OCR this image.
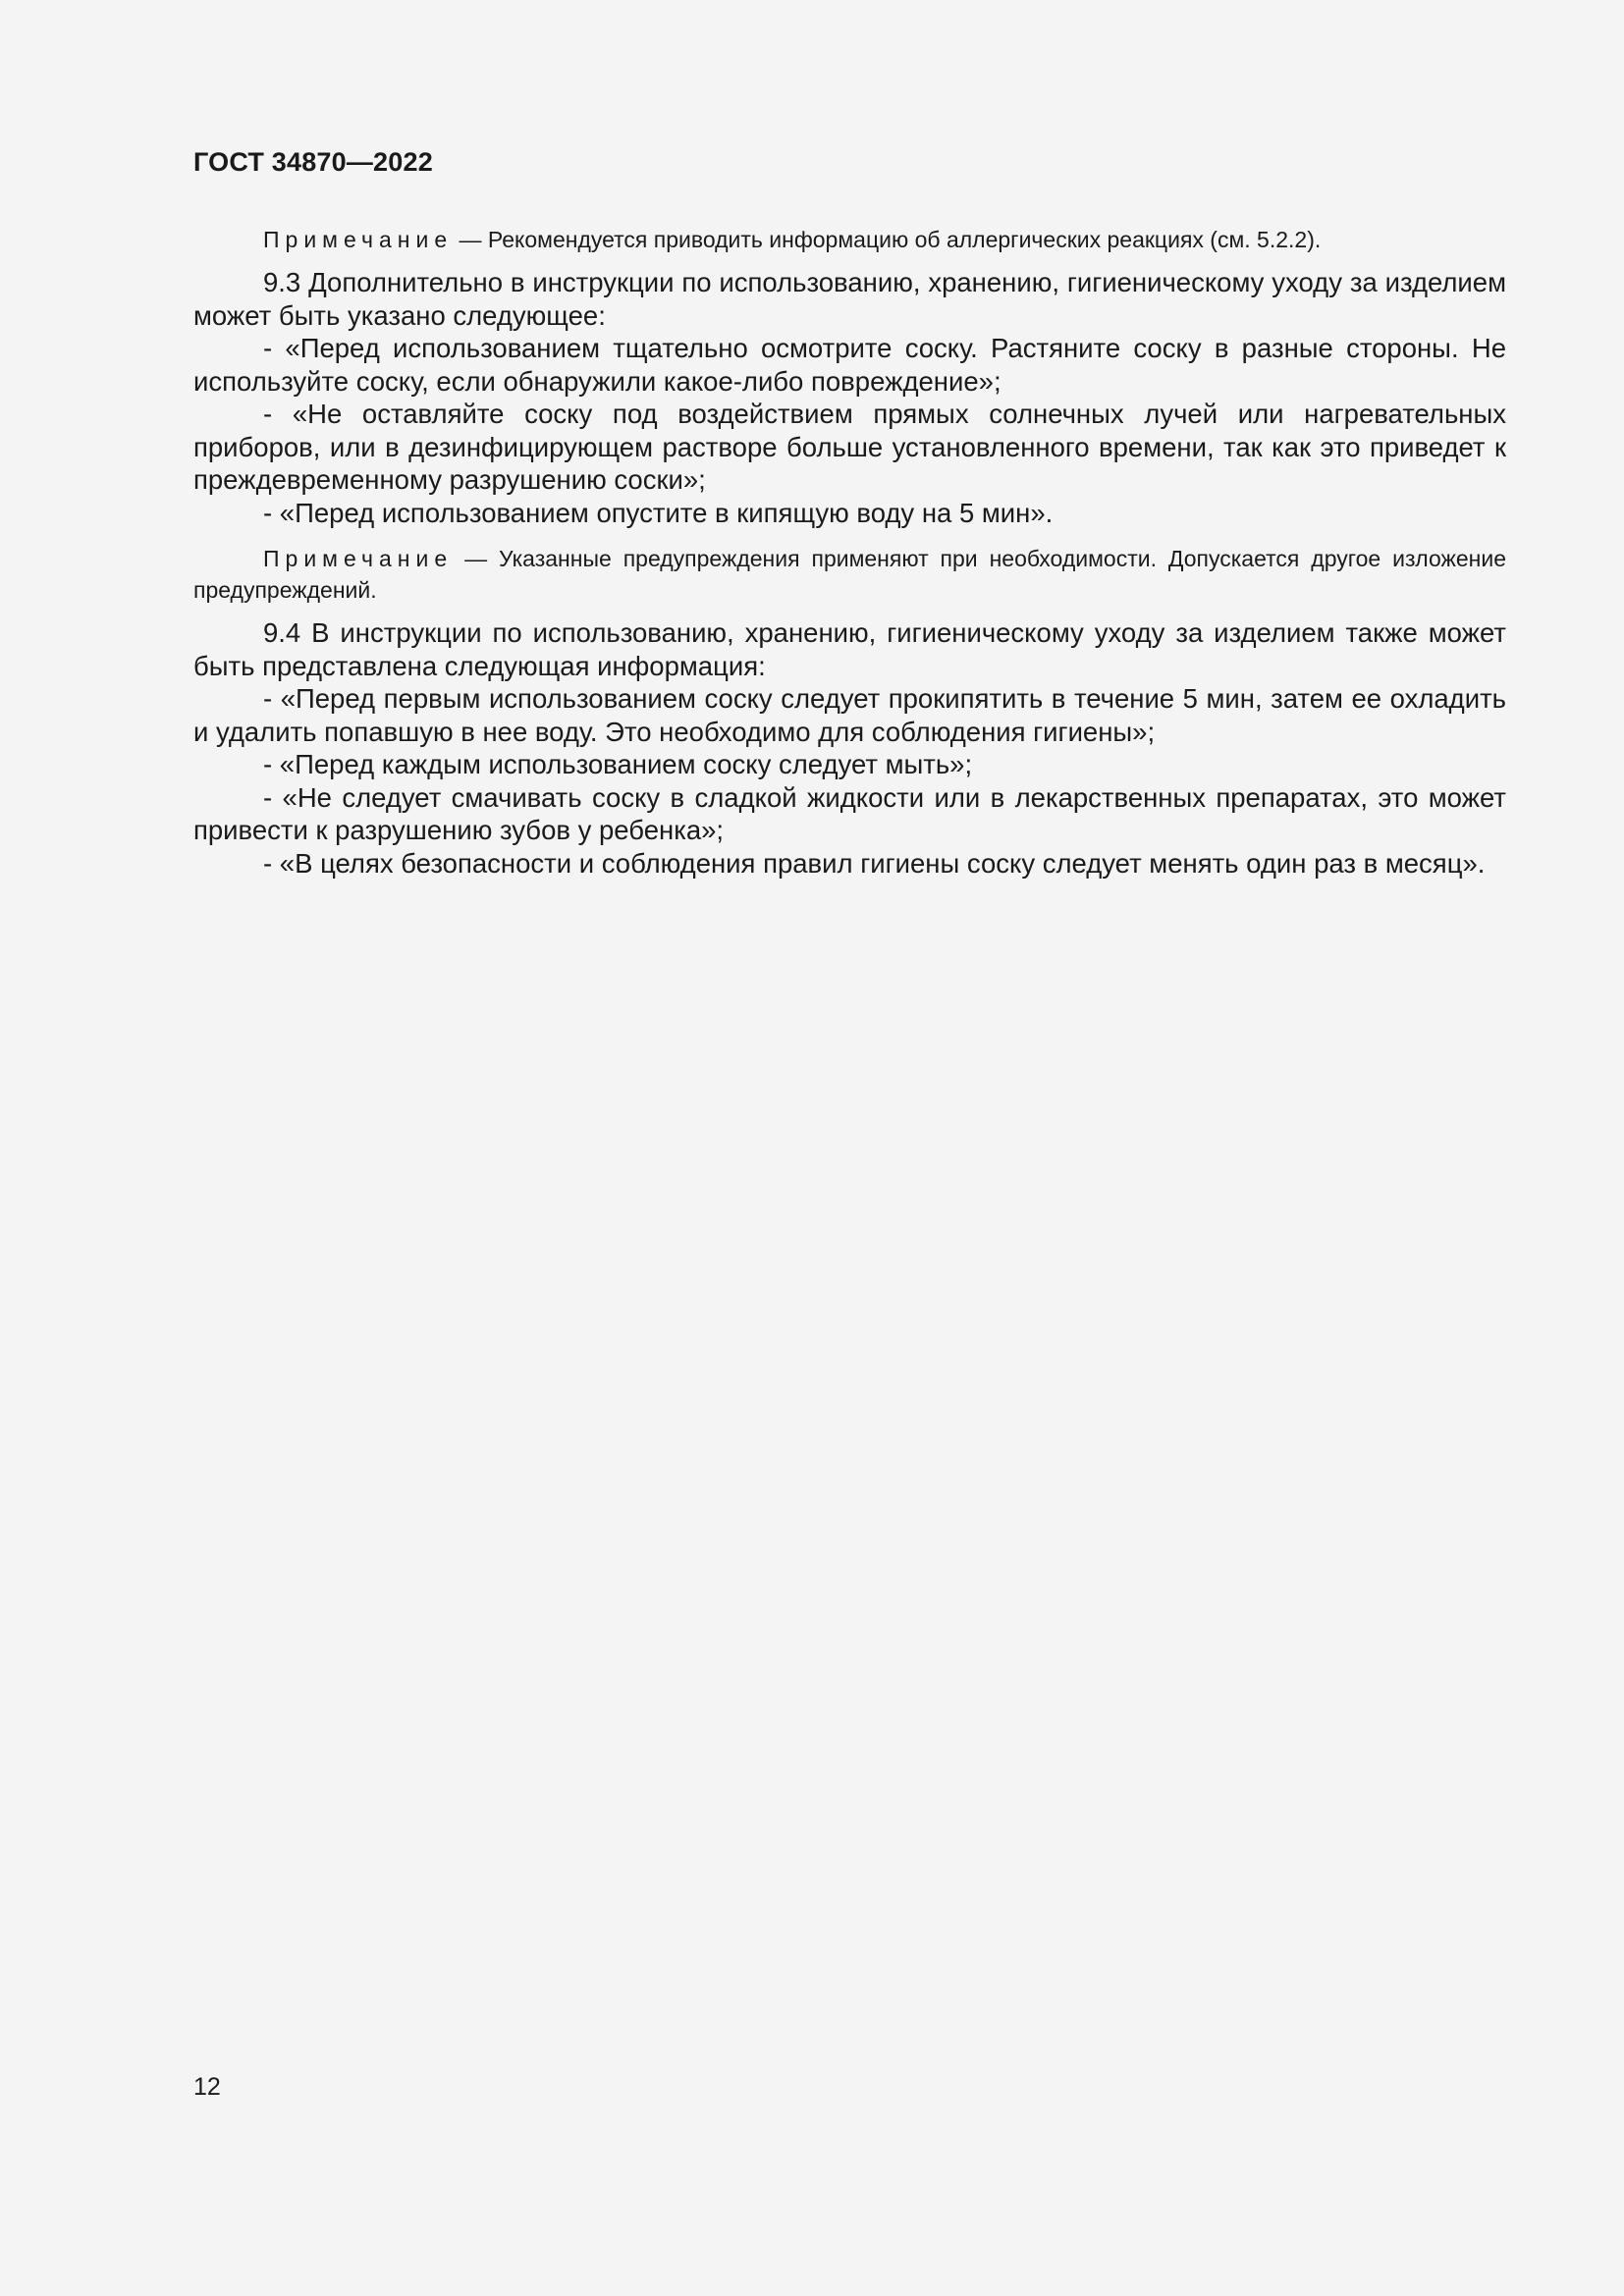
ГОСТ 34870—2022

Примечание — Рекомендуется приводить информацию об аллергических реакциях (см. 5.2.2).

9.3 Дополнительно в инструкции по использованию, хранению, гигиеническому уходу за изделием может быть указано следующее:

- «Перед использованием тщательно осмотрите соску. Растяните соску в разные стороны. Не используйте соску, если обнаружили какое-либо повреждение»;

- «Не оставляйте соску под воздействием прямых солнечных лучей или нагревательных приборов, или в дезинфицирующем растворе больше установленного времени, так как это приведет к преждевременному разрушению соски»;

- «Перед использованием опустите в кипящую воду на 5 мин».

Примечание — Указанные предупреждения применяют при необходимости. Допускается другое изложение предупреждений.

9.4 В инструкции по использованию, хранению, гигиеническому уходу за изделием также может быть представлена следующая информация:

- «Перед первым использованием соску следует прокипятить в течение 5 мин, затем ее охладить и удалить попавшую в нее воду. Это необходимо для соблюдения гигиены»;

- «Перед каждым использованием соску следует мыть»;

- «Не следует смачивать соску в сладкой жидкости или в лекарственных препаратах, это может привести к разрушению зубов у ребенка»;

- «В целях безопасности и соблюдения правил гигиены соску следует менять один раз в месяц».

12
